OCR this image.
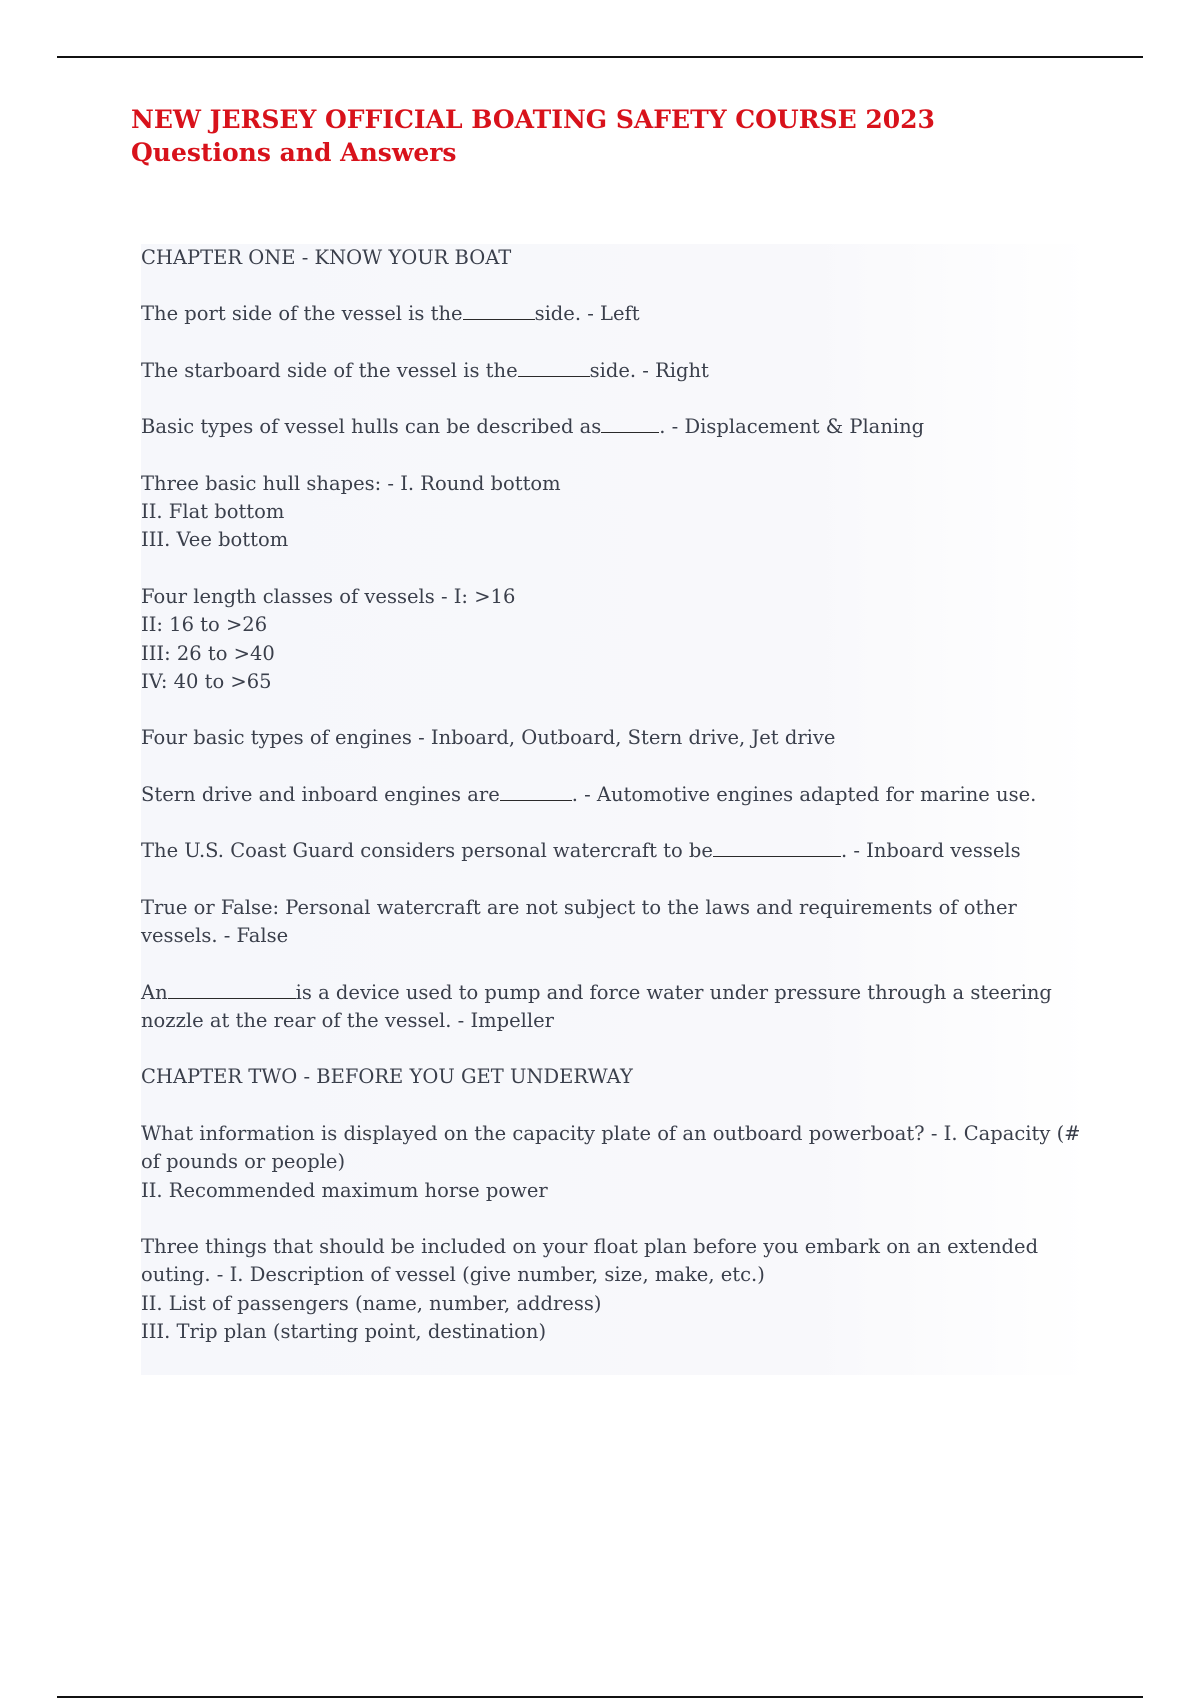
NEW JERSEY OFFICIAL BOATING SAFETY COURSE 2023 Questions and Answers

CHAPTER ONE - KNOW YOUR BOAT

The port side of the vessel is the	side. - Left

The starboard side of the vessel is the	side. - Right

Basic types of vessel hulls can be described as	. - Displacement & Planing

Three basic hull shapes: - I. Round bottom
II. Flat bottom
III. Vee bottom

Four length classes of vessels - I: >16
II: 16 to >26
III: 26 to >40
IV: 40 to >65

Four basic types of engines - Inboard, Outboard, Stern drive, Jet drive

Stern drive and inboard engines are	. - Automotive engines adapted for marine use.

The U.S. Coast Guard considers personal watercraft to be	. - Inboard vessels

True or False: Personal watercraft are not subject to the laws and requirements of other vessels. - False

An	is a device used to pump and force water under pressure through a steering nozzle at the rear of the vessel. - Impeller

CHAPTER TWO - BEFORE YOU GET UNDERWAY

What information is displayed on the capacity plate of an outboard powerboat? - I. Capacity (# of pounds or people)
II. Recommended maximum horse power

Three things that should be included on your float plan before you embark on an extended outing. - I. Description of vessel (give number, size, make, etc.)
II. List of passengers (name, number, address)
III. Trip plan (starting point, destination)
